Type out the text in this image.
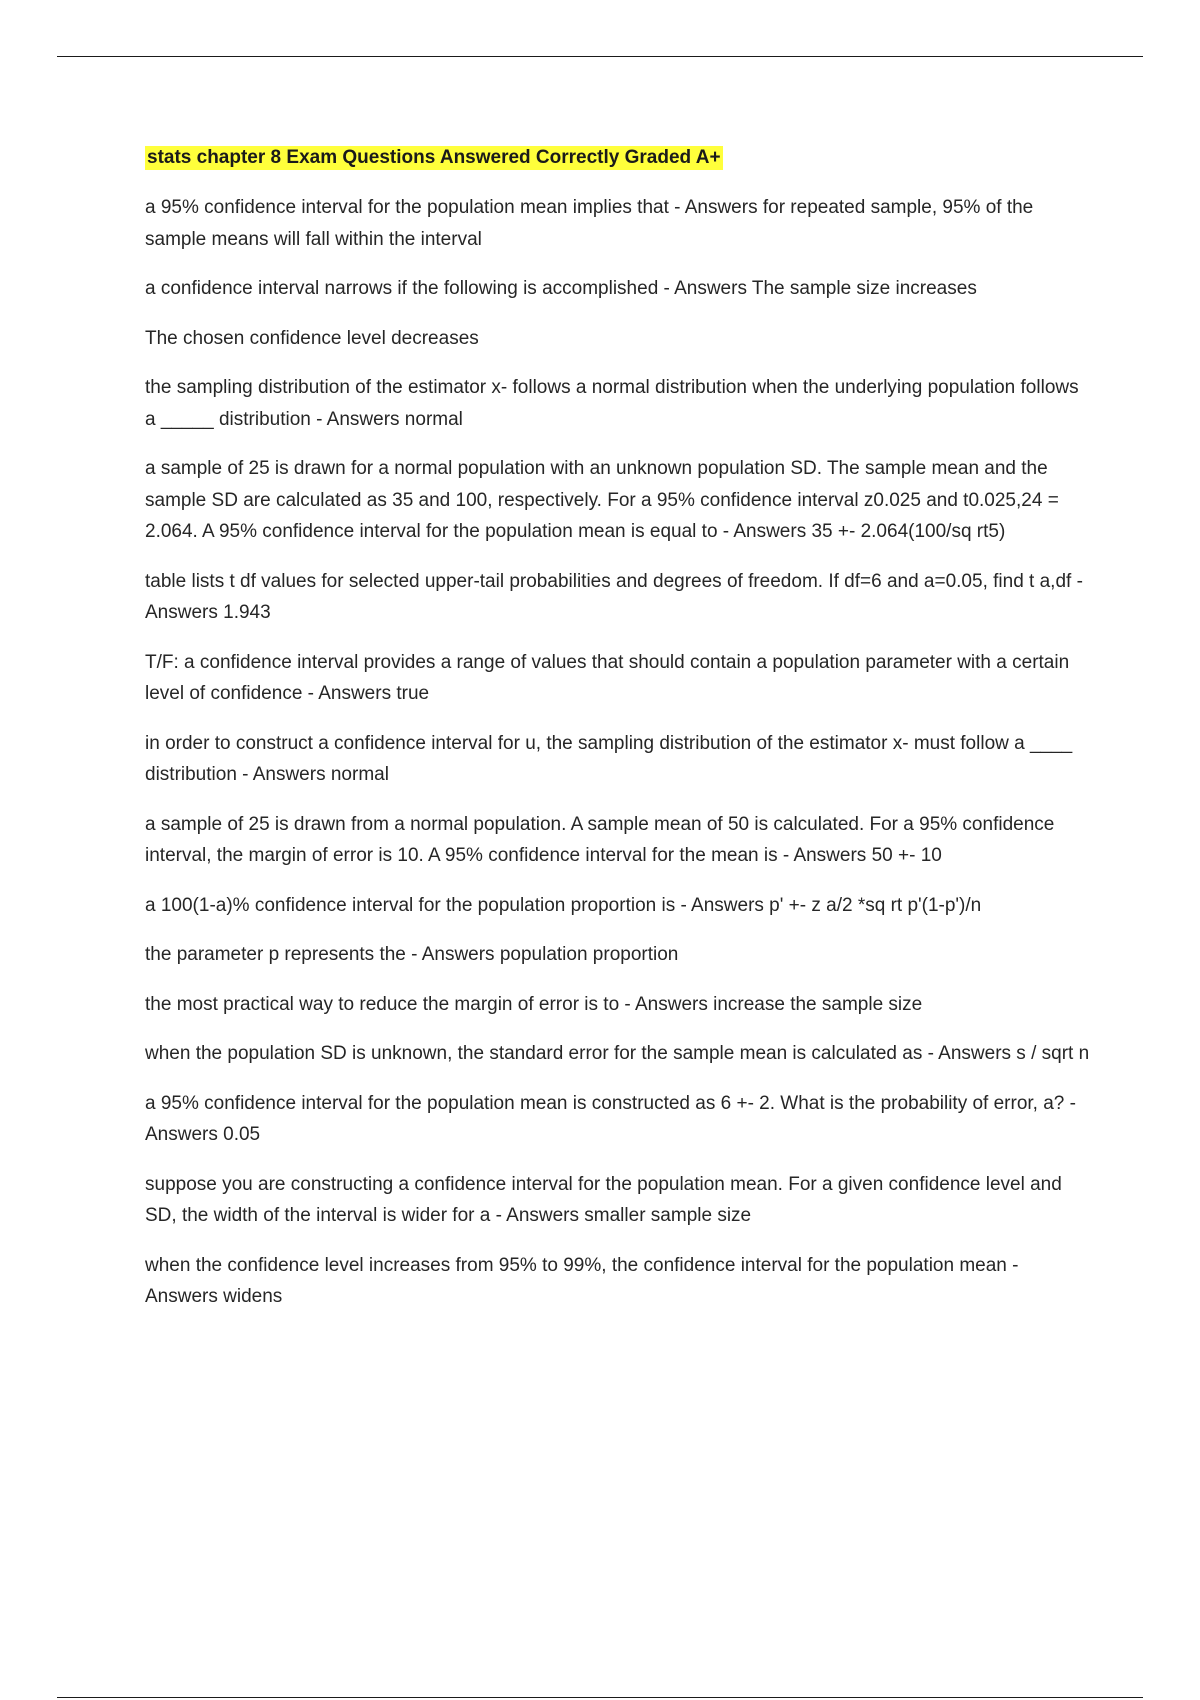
stats chapter 8 Exam Questions Answered Correctly Graded A+
a 95% confidence interval for the population mean implies that - Answers for repeated sample, 95% of the sample means will fall within the interval
a confidence interval narrows if the following is accomplished - Answers The sample size increases
The chosen confidence level decreases
the sampling distribution of the estimator x- follows a normal distribution when the underlying population follows a _____ distribution - Answers normal
a sample of 25 is drawn for a normal population with an unknown population SD. The sample mean and the sample SD are calculated as 35 and 100, respectively. For a 95% confidence interval z0.025 and t0.025,24 = 2.064. A 95% confidence interval for the population mean is equal to - Answers 35 +- 2.064(100/sq rt5)
table lists t df values for selected upper-tail probabilities and degrees of freedom. If df=6 and a=0.05, find t a,df - Answers 1.943
T/F: a confidence interval provides a range of values that should contain a population parameter with a certain level of confidence - Answers true
in order to construct a confidence interval for u, the sampling distribution of the estimator x- must follow a ____ distribution - Answers normal
a sample of 25 is drawn from a normal population. A sample mean of 50 is calculated. For a 95% confidence interval, the margin of error is 10. A 95% confidence interval for the mean is - Answers 50 +- 10
a 100(1-a)% confidence interval for the population proportion is - Answers p' +- z a/2 *sq rt p'(1-p')/n
the parameter p represents the - Answers population proportion
the most practical way to reduce the margin of error is to - Answers increase the sample size
when the population SD is unknown, the standard error for the sample mean is calculated as - Answers s / sqrt n
a 95% confidence interval for the population mean is constructed as 6 +- 2. What is the probability of error, a? - Answers 0.05
suppose you are constructing a confidence interval for the population mean. For a given confidence level and SD, the width of the interval is wider for a - Answers smaller sample size
when the confidence level increases from 95% to 99%, the confidence interval for the population mean - Answers widens
